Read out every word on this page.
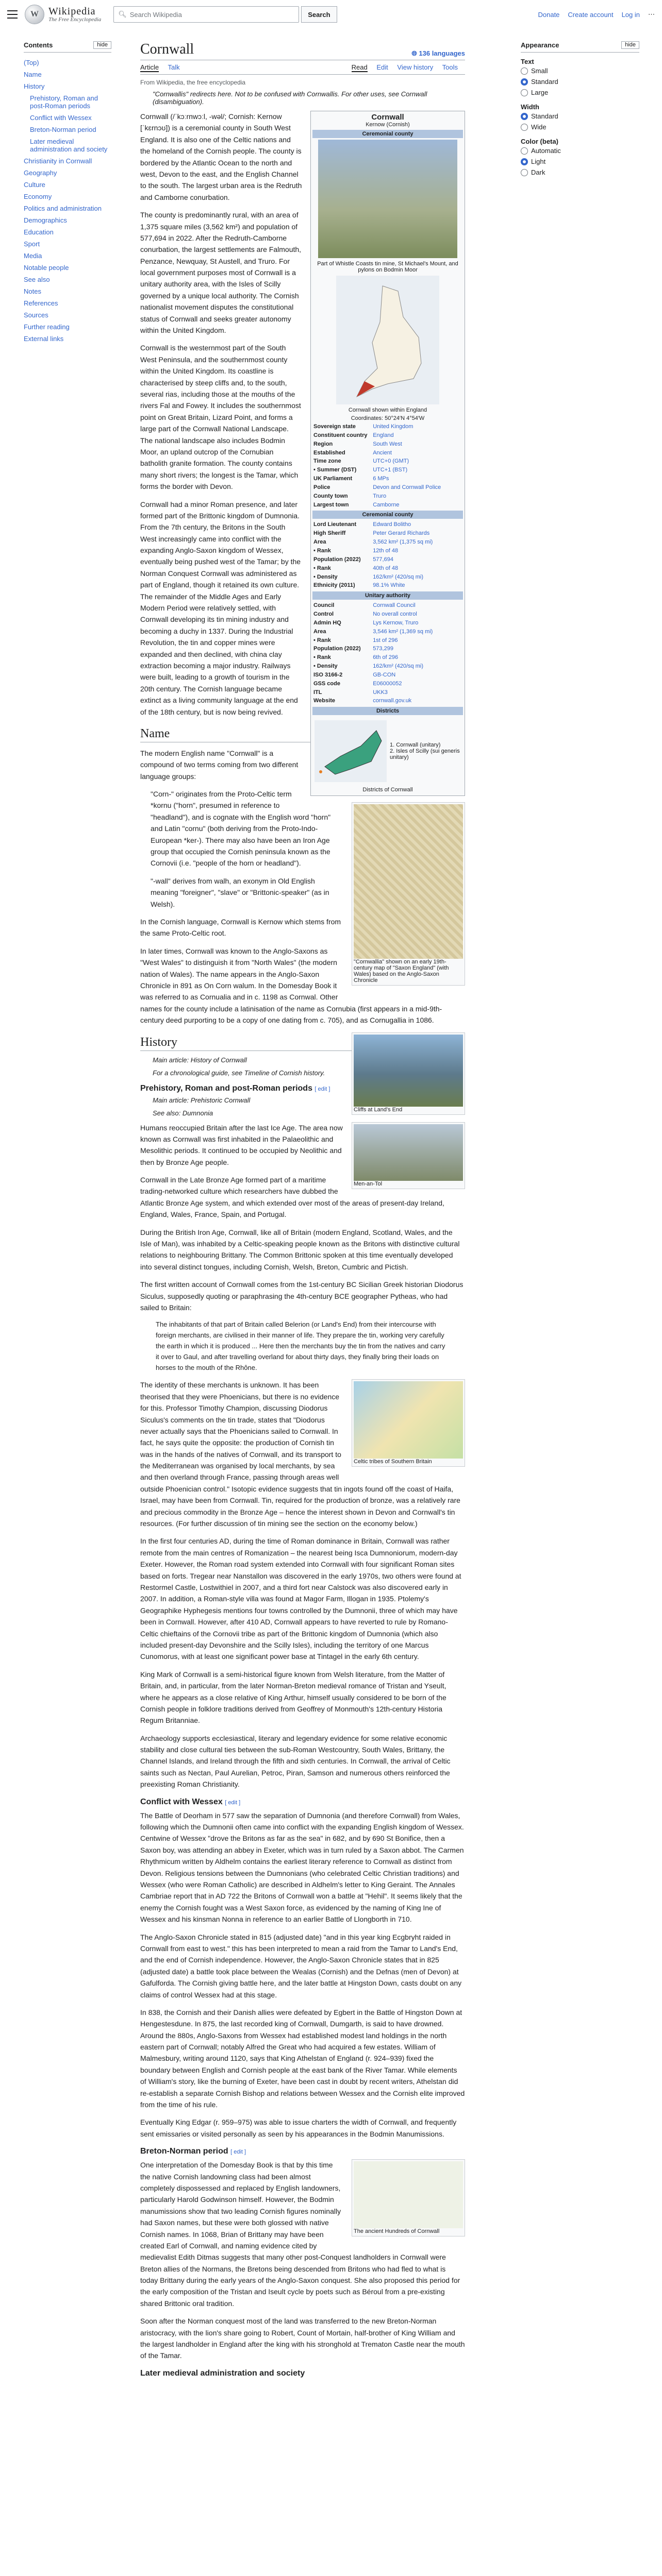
W Wikipedia
The Free Encyclopedia
🔍︎ Search Wikipedia	Search	Donate Create account Log in ⋯
Contents	hide
(Top)
Name
History
Prehistory, Roman and post-Roman periods
Conflict with Wessex
Breton-Norman period
Later medieval administration and society
Christianity in Cornwall
Geography
Culture
Economy
Politics and administration
Demographics
Education
Sport
Media
Notable people
See also
Notes
References
Sources
Further reading
External links
Cornwall	🌐︎ 136 languages
Article Talk	Read Edit View history Tools
From Wikipedia, the free encyclopedia
"Cornwallis" redirects here. Not to be confused with Cornwallis. For other uses, see Cornwall (disambiguation).
Cornwall
Kernow (Cornish)
Ceremonial county
Part of Whistle Coasts tin mine, St Michael's Mount, and pylons on Bodmin Moor
Cornwall shown within England
Coordinates: 50°24′N 4°54′W
Sovereign state	United Kingdom
Constituent country England
Region	South West
Established	Ancient
Time zone	UTC+0 (GMT)
• Summer (DST)	UTC+1 (BST)
UK Parliament	6 MPs
Police	Devon and Cornwall Police
County town	Truro
Largest town	Camborne
Ceremonial county
Lord Lieutenant	Edward Bolitho
High Sheriff	Peter Gerard Richards
Area	3,562 km² (1,375 sq mi)
• Rank	12th of 48
Population (2022)	577,694
• Rank	40th of 48
• Density	162/km² (420/sq mi)
Ethnicity (2011)	98.1% White
Unitary authority
Council	Cornwall Council
Control	No overall control
Admin HQ	Lys Kernow, Truro
Area	3,546 km² (1,369 sq mi)
• Rank	1st of 296
Population (2022)	573,299
• Rank	6th of 296
• Density	162/km² (420/sq mi)
ISO 3166-2	GB-CON
GSS code	E06000052
ITL	UKK3
Website	cornwall.gov.uk
Districts
1. Cornwall (unitary)
2. Isles of Scilly (sui generis unitary)
Districts of Cornwall

Cornwall (/ˈkɔːrnwɔːl, -wəl/; Cornish: Kernow [ˈkɛrnɔʊ]) is a ceremonial county in South West England. It is also one of the Celtic nations and the homeland of the Cornish people. The county is bordered by the Atlantic Ocean to the north and west, Devon to the east, and the English Channel to the south. The largest urban area is the Redruth and Camborne conurbation.

The county is predominantly rural, with an area of 1,375 square miles (3,562 km²) and population of 577,694 in 2022. After the Redruth-Camborne conurbation, the largest settlements are Falmouth, Penzance, Newquay, St Austell, and Truro. For local government purposes most of Cornwall is a unitary authority area, with the Isles of Scilly governed by a unique local authority. The Cornish nationalist movement disputes the constitutional status of Cornwall and seeks greater autonomy within the United Kingdom.

Cornwall is the westernmost part of the South West Peninsula, and the southernmost county within the United Kingdom. Its coastline is characterised by steep cliffs and, to the south, several rias, including those at the mouths of the rivers Fal and Fowey. It includes the southernmost point on Great Britain, Lizard Point, and forms a large part of the Cornwall National Landscape. The national landscape also includes Bodmin Moor, an upland outcrop of the Cornubian batholith granite formation. The county contains many short rivers; the longest is the Tamar, which forms the border with Devon.

Cornwall had a minor Roman presence, and later formed part of the Brittonic kingdom of Dumnonia. From the 7th century, the Britons in the South West increasingly came into conflict with the expanding Anglo-Saxon kingdom of Wessex, eventually being pushed west of the Tamar; by the Norman Conquest Cornwall was administered as part of England, though it retained its own culture. The remainder of the Middle Ages and Early Modern Period were relatively settled, with Cornwall developing its tin mining industry and becoming a duchy in 1337. During the Industrial Revolution, the tin and copper mines were expanded and then declined, with china clay extraction becoming a major industry. Railways were built, leading to a growth of tourism in the 20th century. The Cornish language became extinct as a living community language at the end of the 18th century, but is now being revived.

Name
"Cornwallia" shown on an early 19th-century map of "Saxon England" (with Wales) based on the Anglo-Saxon Chronicle

The modern English name "Cornwall" is a compound of two terms coming from two different language groups:

"Corn-" originates from the Proto-Celtic term *kornu ("horn", presumed in reference to "headland"), and is cognate with the English word "horn" and Latin "cornu" (both deriving from the Proto-Indo-European *ker-). There may also have been an Iron Age group that occupied the Cornish peninsula known as the Cornovii (i.e. "people of the horn or headland").

"-wall" derives from walh, an exonym in Old English meaning "foreigner", "slave" or "Brittonic-speaker" (as in Welsh).

In the Cornish language, Cornwall is Kernow which stems from the same Proto-Celtic root.

In later times, Cornwall was known to the Anglo-Saxons as "West Wales" to distinguish it from "North Wales" (the modern nation of Wales). The name appears in the Anglo-Saxon Chronicle in 891 as On Corn walum. In the Domesday Book it was referred to as Cornualia and in c. 1198 as Cornwal. Other names for the county include a latinisation of the name as Cornubia (first appears in a mid-9th-century deed purporting to be a copy of one dating from c. 705), and as Cornugallia in 1086.

Cliffs at Land's End
History
Main article: History of Cornwall
For a chronological guide, see Timeline of Cornish history.
Prehistory, Roman and post-Roman periods [ edit ]
Main article: Prehistoric Cornwall
See also: Dumnonia
Men-an-Tol

Humans reoccupied Britain after the last Ice Age. The area now known as Cornwall was first inhabited in the Palaeolithic and Mesolithic periods. It continued to be occupied by Neolithic and then by Bronze Age people.

Cornwall in the Late Bronze Age formed part of a maritime trading-networked culture which researchers have dubbed the Atlantic Bronze Age system, and which extended over most of the areas of present-day Ireland, England, Wales, France, Spain, and Portugal.

During the British Iron Age, Cornwall, like all of Britain (modern England, Scotland, Wales, and the Isle of Man), was inhabited by a Celtic-speaking people known as the Britons with distinctive cultural relations to neighbouring Brittany. The Common Brittonic spoken at this time eventually developed into several distinct tongues, including Cornish, Welsh, Breton, Cumbric and Pictish.

The first written account of Cornwall comes from the 1st-century BC Sicilian Greek historian Diodorus Siculus, supposedly quoting or paraphrasing the 4th-century BCE geographer Pytheas, who had sailed to Britain:

The inhabitants of that part of Britain called Belerion (or Land's End) from their intercourse with foreign merchants, are civilised in their manner of life. They prepare the tin, working very carefully the earth in which it is produced ... Here then the merchants buy the tin from the natives and carry it over to Gaul, and after travelling overland for about thirty days, they finally bring their loads on horses to the mouth of the Rhône.

Celtic tribes of Southern Britain

The identity of these merchants is unknown. It has been theorised that they were Phoenicians, but there is no evidence for this. Professor Timothy Champion, discussing Diodorus Siculus's comments on the tin trade, states that "Diodorus never actually says that the Phoenicians sailed to Cornwall. In fact, he says quite the opposite: the production of Cornish tin was in the hands of the natives of Cornwall, and its transport to the Mediterranean was organised by local merchants, by sea and then overland through France, passing through areas well outside Phoenician control." Isotopic evidence suggests that tin ingots found off the coast of Haifa, Israel, may have been from Cornwall. Tin, required for the production of bronze, was a relatively rare and precious commodity in the Bronze Age – hence the interest shown in Devon and Cornwall's tin resources. (For further discussion of tin mining see the section on the economy below.)

In the first four centuries AD, during the time of Roman dominance in Britain, Cornwall was rather remote from the main centres of Romanization – the nearest being Isca Dumnoniorum, modern-day Exeter. However, the Roman road system extended into Cornwall with four significant Roman sites based on forts. Tregear near Nanstallon was discovered in the early 1970s, two others were found at Restormel Castle, Lostwithiel in 2007, and a third fort near Calstock was also discovered early in 2007. In addition, a Roman-style villa was found at Magor Farm, Illogan in 1935. Ptolemy's Geographike Hyphegesis mentions four towns controlled by the Dumnonii, three of which may have been in Cornwall. However, after 410 AD, Cornwall appears to have reverted to rule by Romano-Celtic chieftains of the Cornovii tribe as part of the Brittonic kingdom of Dumnonia (which also included present-day Devonshire and the Scilly Isles), including the territory of one Marcus Cunomorus, with at least one significant power base at Tintagel in the early 6th century.

King Mark of Cornwall is a semi-historical figure known from Welsh literature, from the Matter of Britain, and, in particular, from the later Norman-Breton medieval romance of Tristan and Yseult, where he appears as a close relative of King Arthur, himself usually considered to be born of the Cornish people in folklore traditions derived from Geoffrey of Monmouth's 12th-century Historia Regum Britanniae.

Archaeology supports ecclesiastical, literary and legendary evidence for some relative economic stability and close cultural ties between the sub-Roman Westcountry, South Wales, Brittany, the Channel Islands, and Ireland through the fifth and sixth centuries. In Cornwall, the arrival of Celtic saints such as Nectan, Paul Aurelian, Petroc, Piran, Samson and numerous others reinforced the preexisting Roman Christianity.

Conflict with Wessex [ edit ]

The Battle of Deorham in 577 saw the separation of Dumnonia (and therefore Cornwall) from Wales, following which the Dumnonii often came into conflict with the expanding English kingdom of Wessex. Centwine of Wessex "drove the Britons as far as the sea" in 682, and by 690 St Bonifice, then a Saxon boy, was attending an abbey in Exeter, which was in turn ruled by a Saxon abbot. The Carmen Rhythmicum written by Aldhelm contains the earliest literary reference to Cornwall as distinct from Devon. Religious tensions between the Dumnonians (who celebrated Celtic Christian traditions) and Wessex (who were Roman Catholic) are described in Aldhelm's letter to King Geraint. The Annales Cambriae report that in AD 722 the Britons of Cornwall won a battle at "Hehil". It seems likely that the enemy the Cornish fought was a West Saxon force, as evidenced by the naming of King Ine of Wessex and his kinsman Nonna in reference to an earlier Battle of Llongborth in 710.

The Anglo-Saxon Chronicle stated in 815 (adjusted date) "and in this year king Ecgbryht raided in Cornwall from east to west." this has been interpreted to mean a raid from the Tamar to Land's End, and the end of Cornish independence. However, the Anglo-Saxon Chronicle states that in 825 (adjusted date) a battle took place between the Wealas (Cornish) and the Defnas (men of Devon) at Gafulforda. The Cornish giving battle here, and the later battle at Hingston Down, casts doubt on any claims of control Wessex had at this stage.

In 838, the Cornish and their Danish allies were defeated by Egbert in the Battle of Hingston Down at Hengestesdune. In 875, the last recorded king of Cornwall, Dumgarth, is said to have drowned. Around the 880s, Anglo-Saxons from Wessex had established modest land holdings in the north eastern part of Cornwall; notably Alfred the Great who had acquired a few estates. William of Malmesbury, writing around 1120, says that King Athelstan of England (r. 924–939) fixed the boundary between English and Cornish people at the east bank of the River Tamar. While elements of William's story, like the burning of Exeter, have been cast in doubt by recent writers, Athelstan did re-establish a separate Cornish Bishop and relations between Wessex and the Cornish elite improved from the time of his rule.

Eventually King Edgar (r. 959–975) was able to issue charters the width of Cornwall, and frequently sent emissaries or visited personally as seen by his appearances in the Bodmin Manumissions.

Breton-Norman period [ edit ]
The ancient Hundreds of Cornwall

One interpretation of the Domesday Book is that by this time the native Cornish landowning class had been almost completely dispossessed and replaced by English landowners, particularly Harold Godwinson himself. However, the Bodmin manumissions show that two leading Cornish figures nominally had Saxon names, but these were both glossed with native Cornish names. In 1068, Brian of Brittany may have been created Earl of Cornwall, and naming evidence cited by medievalist Edith Ditmas suggests that many other post-Conquest landholders in Cornwall were Breton allies of the Normans, the Bretons being descended from Britons who had fled to what is today Brittany during the early years of the Anglo-Saxon conquest. She also proposed this period for the early composition of the Tristan and Iseult cycle by poets such as Béroul from a pre-existing shared Brittonic oral tradition.

Soon after the Norman conquest most of the land was transferred to the new Breton-Norman aristocracy, with the lion's share going to Robert, Count of Mortain, half-brother of King William and the largest landholder in England after the king with his stronghold at Trematon Castle near the mouth of the Tamar.

Later medieval administration and society
Appearance	hide
Text
Small
Standard
Large
Width
Standard
Wide
Color (beta)
Automatic
Light
Dark
